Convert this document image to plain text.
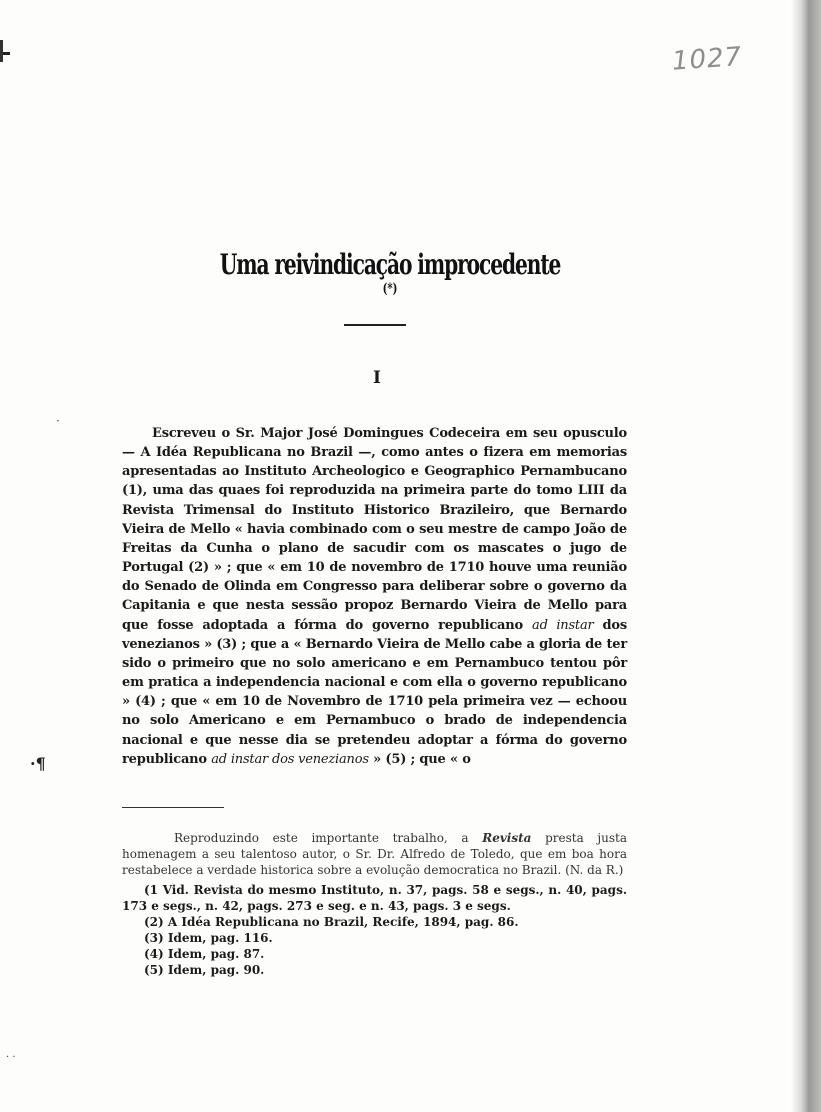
1027
Uma reivindicação improcedente (*)
I
·
·¶
· ·
Escreveu o Sr. Major José Domingues Codeceira em seu opusculo — A Idéa Republicana no Brazil —, como antes o fizera em memorias apresentadas ao Instituto Archeologico e Geographico Pernambucano (1), uma das quaes foi reproduzida na primeira parte do tomo LIII da Revista Trimensal do Instituto Historico Brazileiro, que Bernardo Vieira de Mello « havia combinado com o seu mestre de campo João de Freitas da Cunha o plano de sacudir com os mascates o jugo de Portugal (2) » ; que « em 10 de novembro de 1710 houve uma reunião do Senado de Olinda em Congresso para deliberar sobre o governo da Capitania e que nesta sessão propoz Bernardo Vieira de Mello para que fosse adoptada a fórma do governo republicano ad instar dos venezianos » (3) ; que a « Bernardo Vieira de Mello cabe a gloria de ter sido o primeiro que no solo americano e em Pernambuco tentou pôr em pratica a independencia nacional e com ella o governo republicano » (4) ; que « em 10 de Novembro de 1710 pela primeira vez — echoou no solo Americano e em Pernambuco o brado de independencia nacional e que nesse dia se pretendeu adoptar a fórma do governo republicano ad instar dos venezianos » (5) ; que « o
Reproduzindo este importante trabalho, a Revista presta justa homenagem a seu talentoso autor, o Sr. Dr. Alfredo de Toledo, que em boa hora restabelece a verdade historica sobre a evolução democratica no Brazil. (N. da R.)
(1 Vid. Revista do mesmo Instituto, n. 37, pags. 58 e segs., n. 40, pags. 173 e segs., n. 42, pags. 273 e seg. e n. 43, pags. 3 e segs.
(2) A Idéa Republicana no Brazil, Recife, 1894, pag. 86.
(3) Idem, pag. 116.
(4) Idem, pag. 87.
(5) Idem, pag. 90.
